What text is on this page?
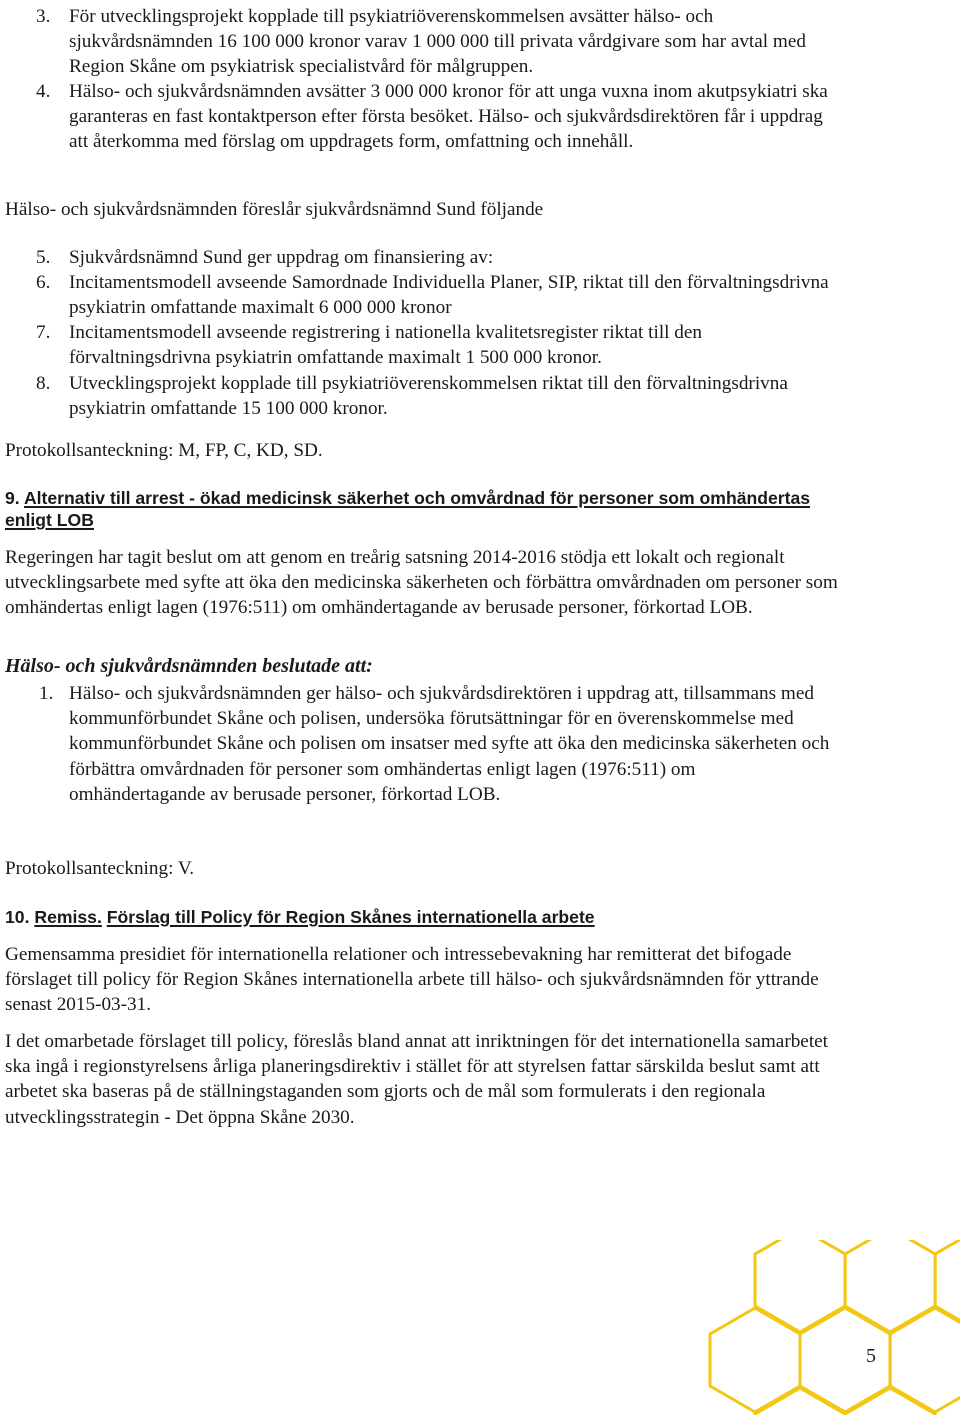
3. För utvecklingsprojekt kopplade till psykiatriöverenskommelsen avsätter hälso- och sjukvårdsnämnden 16 100 000 kronor varav 1 000 000 till privata vårdgivare som har avtal med Region Skåne om psykiatrisk specialistvård för målgruppen.
4. Hälso- och sjukvårdsnämnden avsätter 3 000 000 kronor för att unga vuxna inom akutpsykiatri ska garanteras en fast kontaktperson efter första besöket. Hälso- och sjukvårdsdirektören får i uppdrag att återkomma med förslag om uppdragets form, omfattning och innehåll.
Hälso- och sjukvårdsnämnden föreslår sjukvårdsnämnd Sund följande
5. Sjukvårdsnämnd Sund ger uppdrag om finansiering av:
6. Incitamentsmodell avseende Samordnade Individuella Planer, SIP, riktat till den förvaltningsdrivna psykiatrin omfattande maximalt 6 000 000 kronor
7. Incitamentsmodell avseende registrering i nationella kvalitetsregister riktat till den förvaltningsdrivna psykiatrin omfattande maximalt 1 500 000 kronor.
8. Utvecklingsprojekt kopplade till psykiatriöverenskommelsen riktat till den förvaltningsdrivna psykiatrin omfattande 15 100 000 kronor.
Protokollsanteckning: M, FP, C, KD, SD.
9. Alternativ till arrest - ökad medicinsk säkerhet och omvårdnad för personer som omhändertas enligt LOB
Regeringen har tagit beslut om att genom en treårig satsning 2014-2016 stödja ett lokalt och regionalt utvecklingsarbete med syfte att öka den medicinska säkerheten och förbättra omvårdnaden om personer som omhändertas enligt lagen (1976:511) om omhändertagande av berusade personer, förkortad LOB.
Hälso- och sjukvårdsnämnden beslutade att:
1. Hälso- och sjukvårdsnämnden ger hälso- och sjukvårdsdirektören i uppdrag att, tillsammans med kommunförbundet Skåne och polisen, undersöka förutsättningar för en överenskommelse med kommunförbundet Skåne och polisen om insatser med syfte att öka den medicinska säkerheten och förbättra omvårdnaden för personer som omhändertas enligt lagen (1976:511) om omhändertagande av berusade personer, förkortad LOB.
Protokollsanteckning: V.
10. Remiss. Förslag till Policy för Region Skånes internationella arbete
Gemensamma presidiet för internationella relationer och intressebevakning har remitterat det bifogade förslaget till policy för Region Skånes internationella arbete till hälso- och sjukvårdsnämnden för yttrande senast 2015-03-31.
I det omarbetade förslaget till policy, föreslås bland annat att inriktningen för det internationella samarbetet ska ingå i regionstyrelsens årliga planeringsdirektiv i stället för att styrelsen fattar särskilda beslut samt att arbetet ska baseras på de ställningstaganden som gjorts och de mål som formulerats i den regionala utvecklingsstrategin - Det öppna Skåne 2030.
5
